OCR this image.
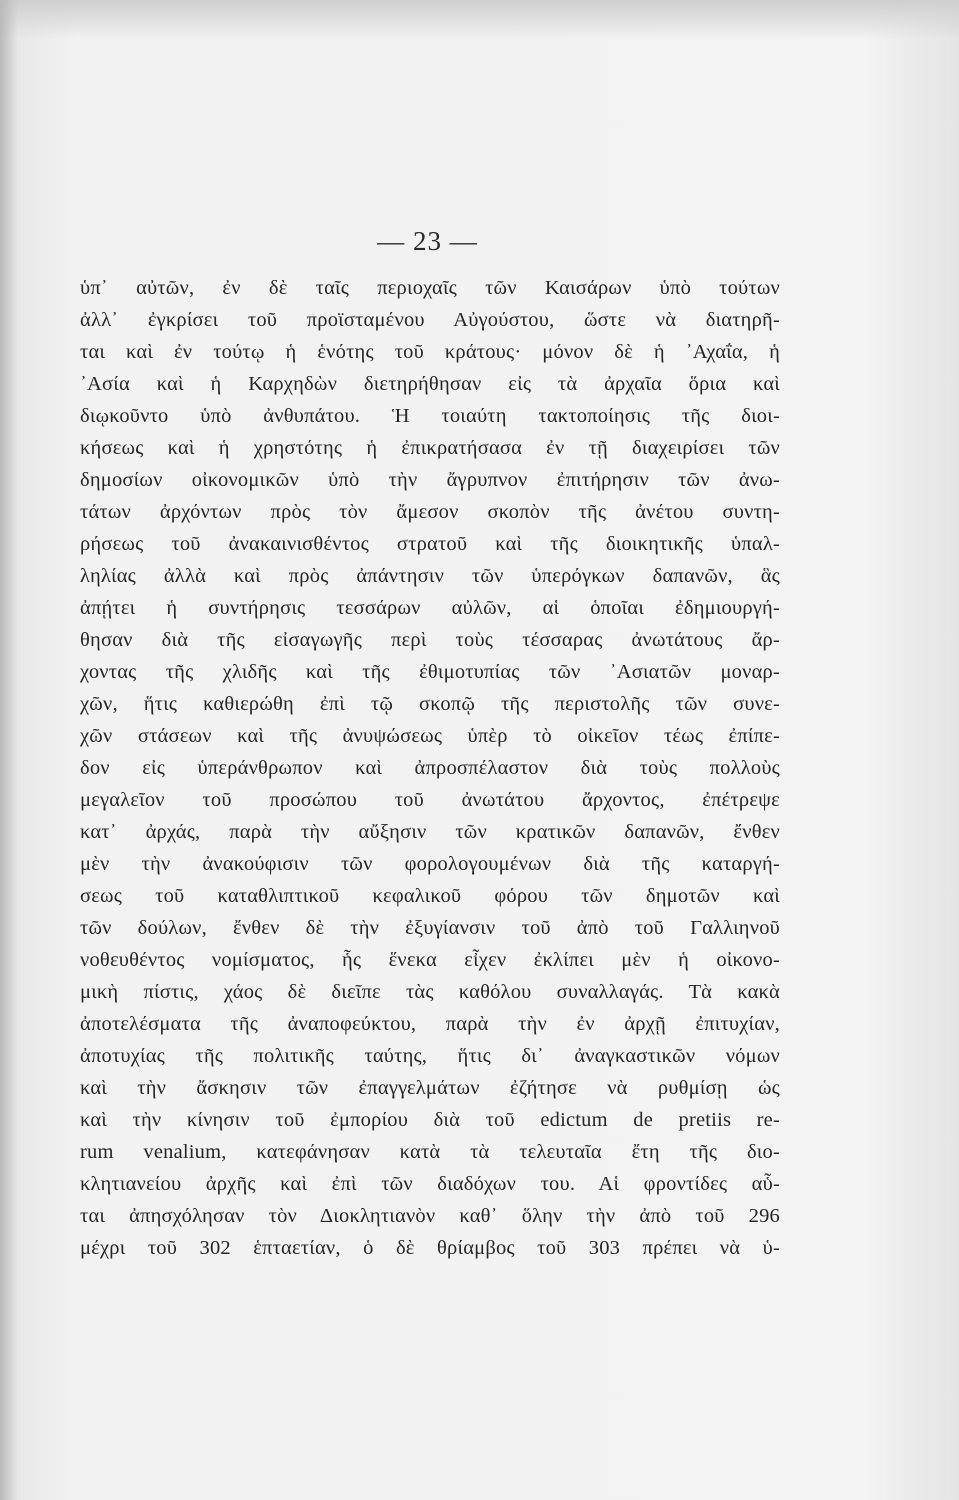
— 23 —
ὑπ᾿ αὐτῶν, ἐν δὲ ταῖς περιοχαῖς τῶν Καισάρων ὑπὸ τούτων
ἀλλ᾿ ἐγκρίσει τοῦ προϊσταμένου Αὐγούστου, ὥστε νὰ διατηρῆ-
ται καὶ ἐν τούτῳ ἡ ἑνότης τοῦ κράτους· μόνον δὲ ἡ ᾿Αχαΐα, ἡ
᾿Ασία καὶ ἡ Καρχηδὼν διετηρήθησαν εἰς τὰ ἀρχαῖα ὅρια καὶ
διῳκοῦντο ὑπὸ ἀνθυπάτου. Ἡ τοιαύτη τακτοποίησις τῆς διοι-
κήσεως καὶ ἡ χρηστότης ἡ ἐπικρατήσασα ἐν τῇ διαχειρίσει τῶν
δημοσίων οἰκονομικῶν ὑπὸ τὴν ἄγρυπνον ἐπιτήρησιν τῶν ἀνω-
τάτων ἀρχόντων πρὸς τὸν ἄμεσον σκοπὸν τῆς ἀνέτου συντη-
ρήσεως τοῦ ἀνακαινισθέντος στρατοῦ καὶ τῆς διοικητικῆς ὑπαλ-
ληλίας ἀλλὰ καὶ πρὸς ἀπάντησιν τῶν ὑπερόγκων δαπανῶν, ἃς
ἀπῄτει ἡ συντήρησις τεσσάρων αὐλῶν, αἱ ὁποῖαι ἐδημιουργή-
θησαν διὰ τῆς εἰσαγωγῆς περὶ τοὺς τέσσαρας ἀνωτάτους ἄρ-
χοντας τῆς χλιδῆς καὶ τῆς ἐθιμοτυπίας τῶν ᾿Ασιατῶν μοναρ-
χῶν, ἥτις καθιερώθη ἐπὶ τῷ σκοπῷ τῆς περιστολῆς τῶν συνε-
χῶν στάσεων καὶ τῆς ἀνυψώσεως ὑπὲρ τὸ οἰκεῖον τέως ἐπίπε-
δον εἰς ὑπεράνθρωπον καὶ ἀπροσπέλαστον διὰ τοὺς πολλοὺς
μεγαλεῖον τοῦ προσώπου τοῦ ἀνωτάτου ἄρχοντος, ἐπέτρεψε
κατ᾿ ἀρχάς, παρὰ τὴν αὔξησιν τῶν κρατικῶν δαπανῶν, ἔνθεν
μὲν τὴν ἀνακούφισιν τῶν φορολογουμένων διὰ τῆς καταργή-
σεως τοῦ καταθλιπτικοῦ κεφαλικοῦ φόρου τῶν δημοτῶν καὶ
τῶν δούλων, ἔνθεν δὲ τὴν ἐξυγίανσιν τοῦ ἀπὸ τοῦ Γαλλιηνοῦ
νοθευθέντος νομίσματος, ἧς ἕνεκα εἶχεν ἐκλίπει μὲν ἡ οἰκονο-
μικὴ πίστις, χάος δὲ διεῖπε τὰς καθόλου συναλλαγάς. Τὰ κακὰ
ἀποτελέσματα τῆς ἀναποφεύκτου, παρὰ τὴν ἐν ἀρχῇ ἐπιτυχίαν,
ἀποτυχίας τῆς πολιτικῆς ταύτης, ἥτις δι᾿ ἀναγκαστικῶν νόμων
καὶ τὴν ἄσκησιν τῶν ἐπαγγελμάτων ἐζήτησε νὰ ρυθμίσῃ ὡς
καὶ τὴν κίνησιν τοῦ ἐμπορίου διὰ τοῦ edictum de pretiis re-
rum venalium, κατεφάνησαν κατὰ τὰ τελευταῖα ἔτη τῆς διο-
κλητιανείου ἀρχῆς καὶ ἐπὶ τῶν διαδόχων του. Αἱ φροντίδες αὗ-
ται ἀπησχόλησαν τὸν Διοκλητιανὸν καθ᾿ ὅλην τὴν ἀπὸ τοῦ 296
μέχρι τοῦ 302 ἑπταετίαν, ὁ δὲ θρίαμβος τοῦ 303 πρέπει νὰ ὑ-
